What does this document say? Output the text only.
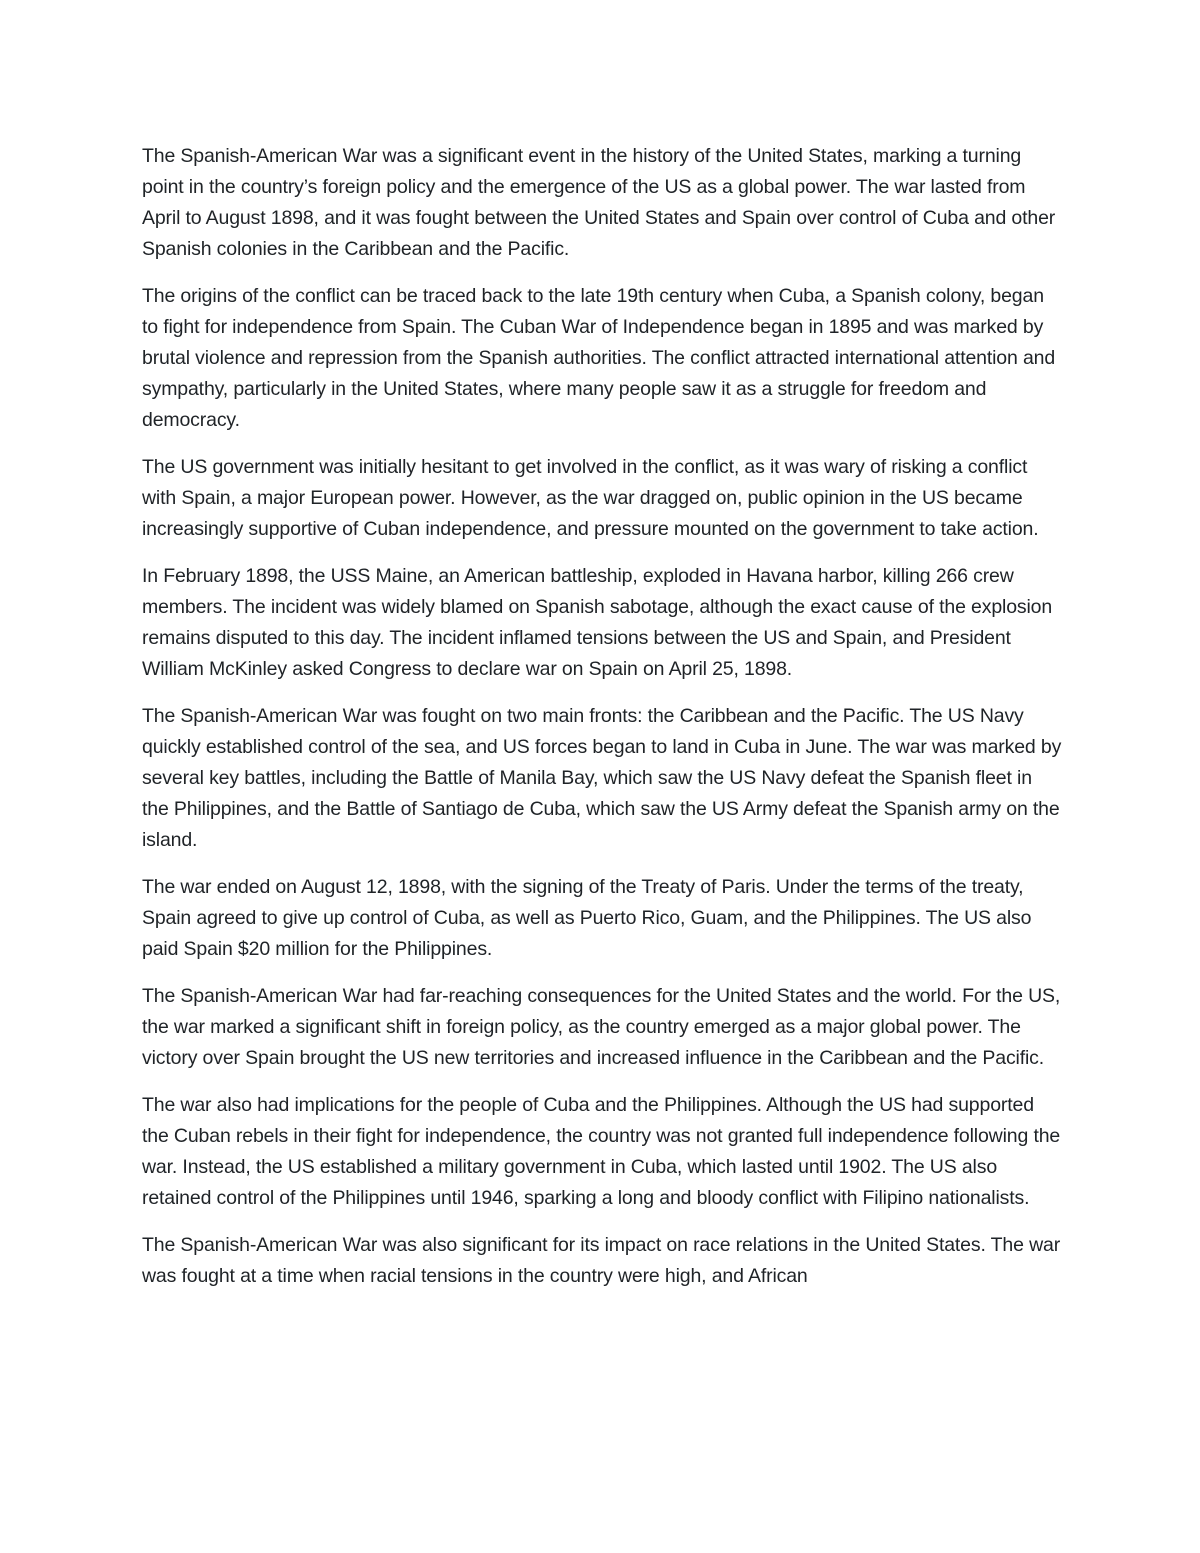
The Spanish-American War was a significant event in the history of the United States, marking a turning point in the country’s foreign policy and the emergence of the US as a global power. The war lasted from April to August 1898, and it was fought between the United States and Spain over control of Cuba and other Spanish colonies in the Caribbean and the Pacific.

The origins of the conflict can be traced back to the late 19th century when Cuba, a Spanish colony, began to fight for independence from Spain. The Cuban War of Independence began in 1895 and was marked by brutal violence and repression from the Spanish authorities. The conflict attracted international attention and sympathy, particularly in the United States, where many people saw it as a struggle for freedom and democracy.

The US government was initially hesitant to get involved in the conflict, as it was wary of risking a conflict with Spain, a major European power. However, as the war dragged on, public opinion in the US became increasingly supportive of Cuban independence, and pressure mounted on the government to take action.

In February 1898, the USS Maine, an American battleship, exploded in Havana harbor, killing 266 crew members. The incident was widely blamed on Spanish sabotage, although the exact cause of the explosion remains disputed to this day. The incident inflamed tensions between the US and Spain, and President William McKinley asked Congress to declare war on Spain on April 25, 1898.

The Spanish-American War was fought on two main fronts: the Caribbean and the Pacific. The US Navy quickly established control of the sea, and US forces began to land in Cuba in June. The war was marked by several key battles, including the Battle of Manila Bay, which saw the US Navy defeat the Spanish fleet in the Philippines, and the Battle of Santiago de Cuba, which saw the US Army defeat the Spanish army on the island.

The war ended on August 12, 1898, with the signing of the Treaty of Paris. Under the terms of the treaty, Spain agreed to give up control of Cuba, as well as Puerto Rico, Guam, and the Philippines. The US also paid Spain $20 million for the Philippines.

The Spanish-American War had far-reaching consequences for the United States and the world. For the US, the war marked a significant shift in foreign policy, as the country emerged as a major global power. The victory over Spain brought the US new territories and increased influence in the Caribbean and the Pacific.

The war also had implications for the people of Cuba and the Philippines. Although the US had supported the Cuban rebels in their fight for independence, the country was not granted full independence following the war. Instead, the US established a military government in Cuba, which lasted until 1902. The US also retained control of the Philippines until 1946, sparking a long and bloody conflict with Filipino nationalists.

The Spanish-American War was also significant for its impact on race relations in the United States. The war was fought at a time when racial tensions in the country were high, and African
